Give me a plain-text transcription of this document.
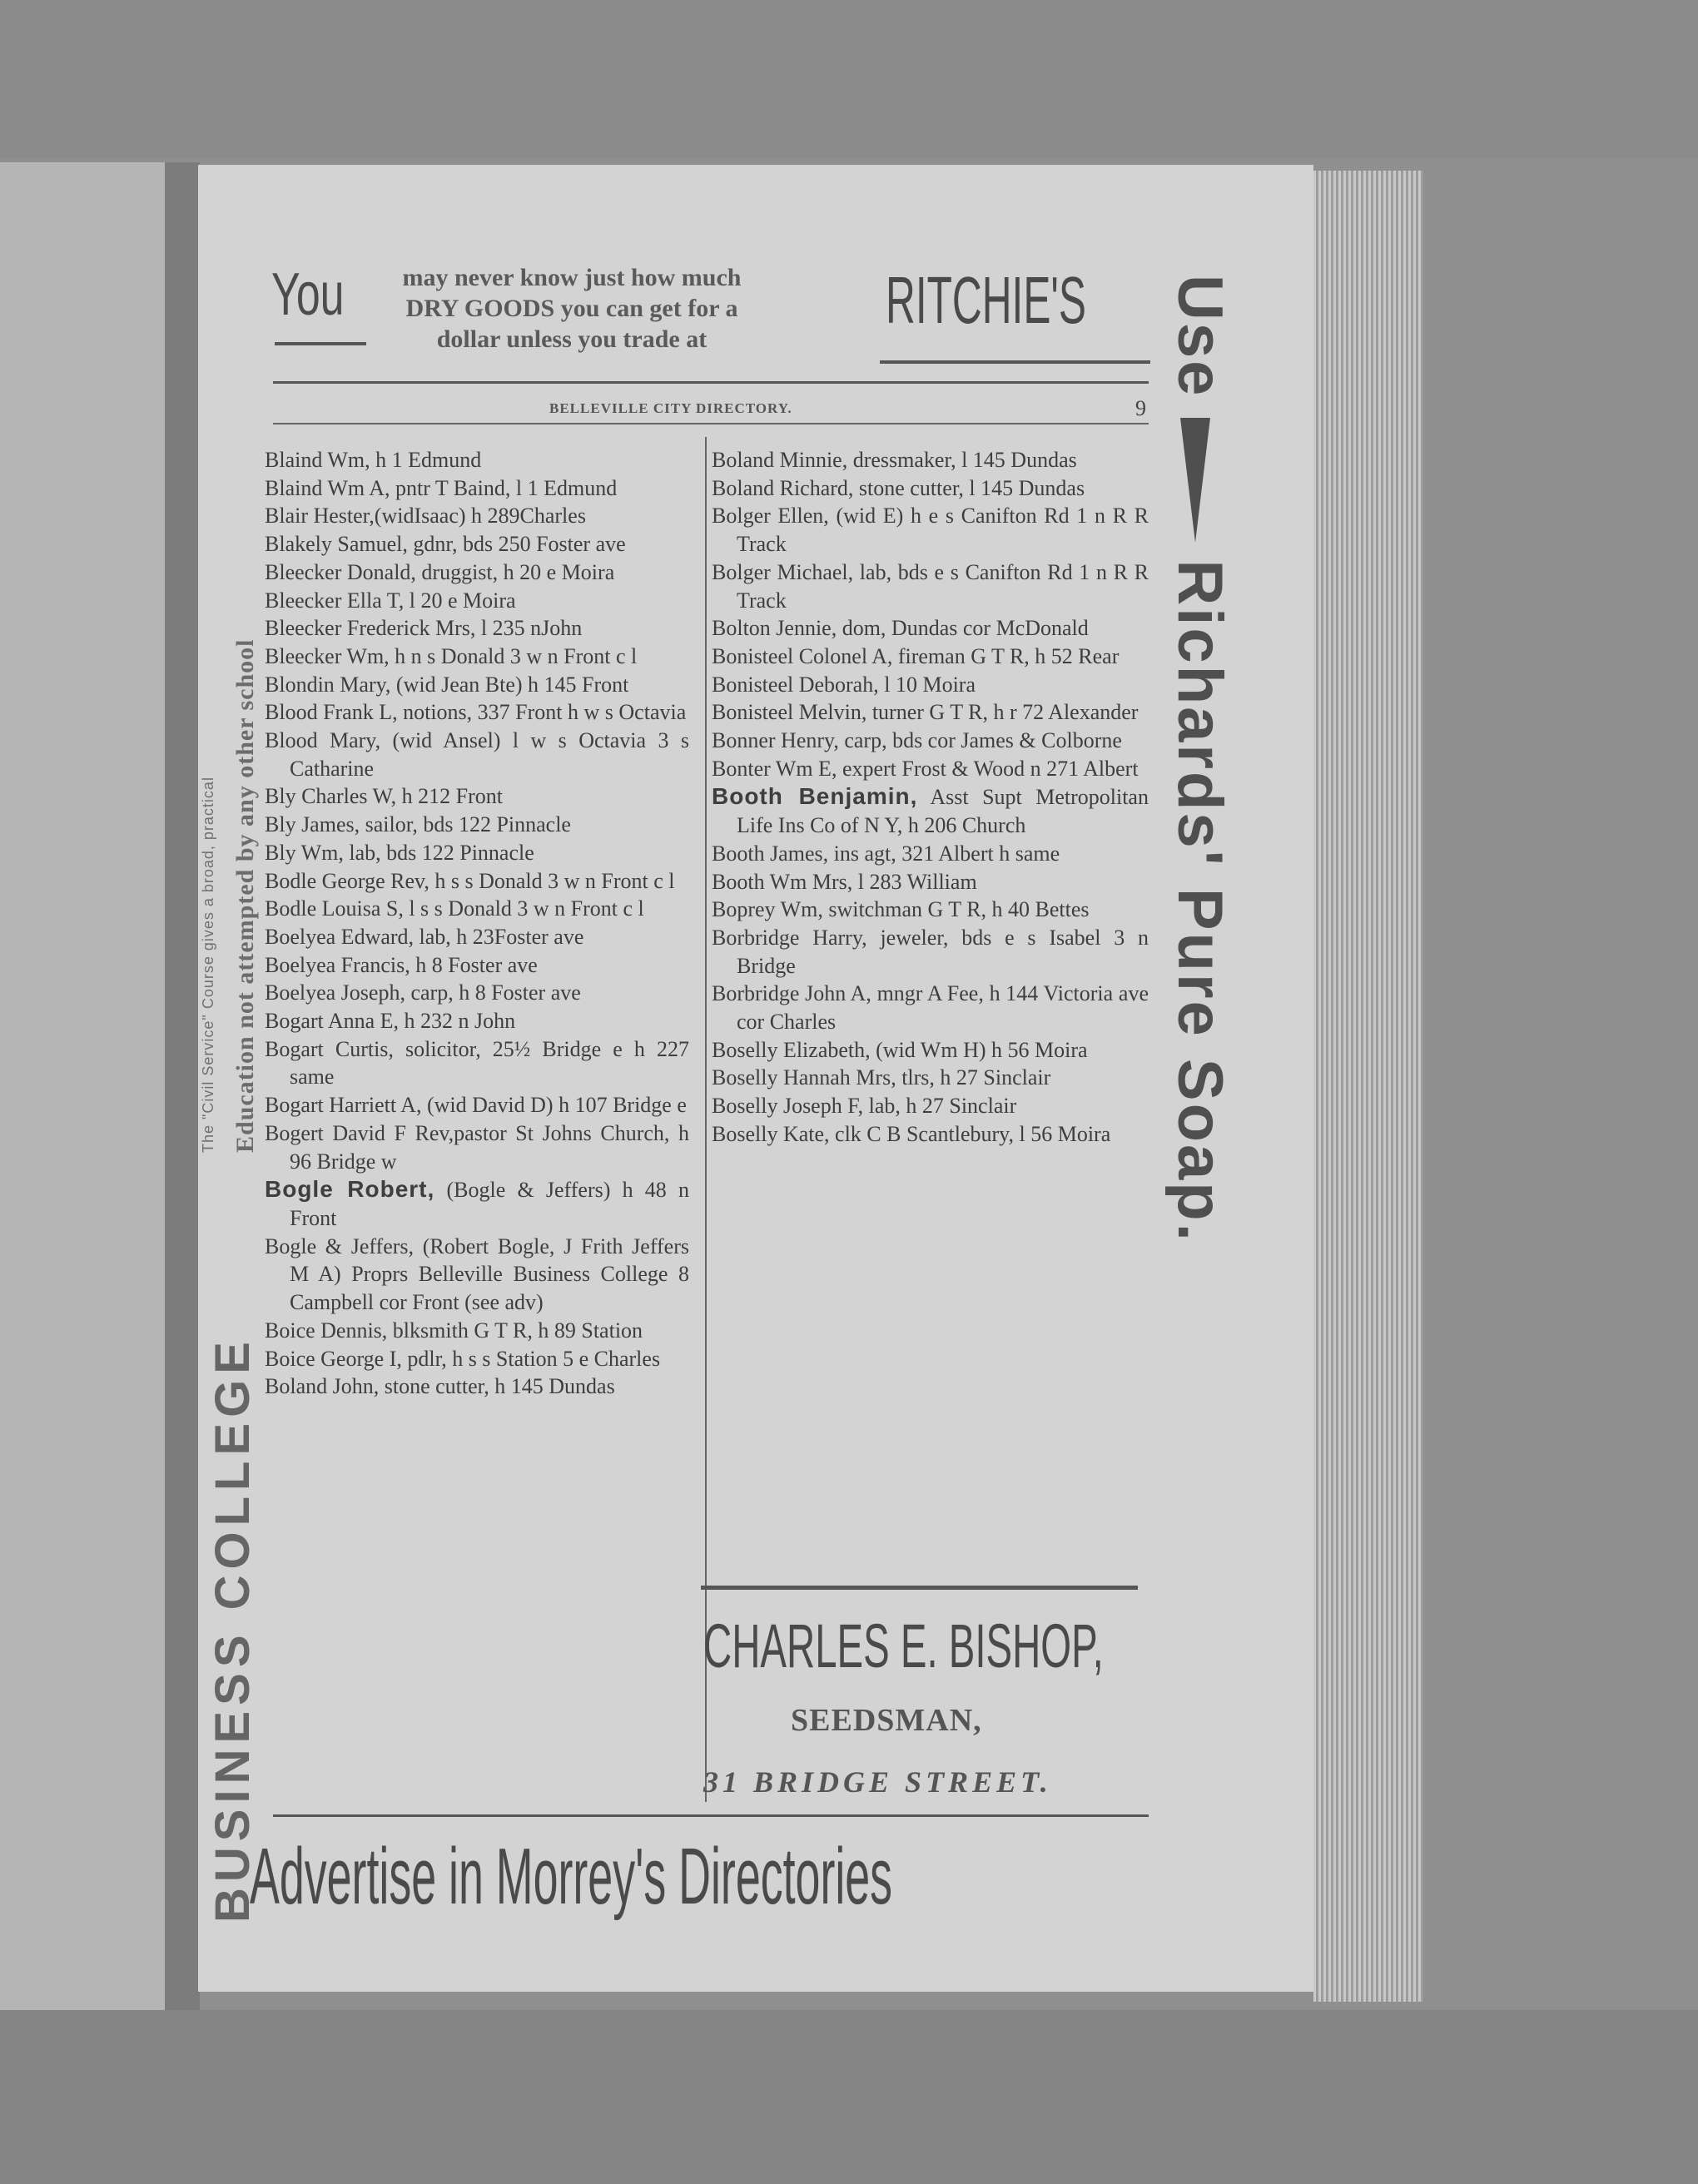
The "Civil Service" Course gives a broad, practical Education not attempted by any other school
BUSINESS COLLEGE
UseRichards' Pure Soap.
You	may never know just how much
DRY GOODS you can get for a
dollar unless you trade at
RITCHIE'S
BELLEVILLE CITY DIRECTORY.	9
Blaind Wm, h 1 Edmund
Blaind Wm A, pntr T Baind, l 1 Edmund
Blair Hester,(widIsaac) h 289Charles
Blakely Samuel, gdnr, bds 250 Foster ave
Bleecker Donald, druggist, h 20 e Moira
Bleecker Ella T, l 20 e Moira
Bleecker Frederick Mrs, l 235 nJohn
Bleecker Wm, h n s Donald 3 w n Front c l
Blondin Mary, (wid Jean Bte) h 145 Front
Blood Frank L, notions, 337 Front h w s Octavia
Blood Mary, (wid Ansel) l w s Octavia 3 s Catharine
Bly Charles W, h 212 Front
Bly James, sailor, bds 122 Pinnacle
Bly Wm, lab, bds 122 Pinnacle
Bodle George Rev, h s s Donald 3 w n Front c l
Bodle Louisa S, l s s Donald 3 w n Front c l
Boelyea Edward, lab, h 23Foster ave
Boelyea Francis, h 8 Foster ave
Boelyea Joseph, carp, h 8 Foster ave
Bogart Anna E, h 232 n John
Bogart Curtis, solicitor, 25½ Bridge e h 227 same
Bogart Harriett A, (wid David D) h 107 Bridge e
Bogert David F Rev,pastor St Johns Church, h 96 Bridge w
Bogle Robert, (Bogle & Jeffers) h 48 n Front
Bogle & Jeffers, (Robert Bogle, J Frith Jeffers M A) Proprs Belleville Business College 8 Campbell cor Front (see adv)
Boice Dennis, blksmith G T R, h 89 Station
Boice George I, pdlr, h s s Station 5 e Charles
Boland John, stone cutter, h 145 Dundas
Boland Minnie, dressmaker, l 145 Dundas
Boland Richard, stone cutter, l 145 Dundas
Bolger Ellen, (wid E) h e s Canifton Rd 1 n R R Track
Bolger Michael, lab, bds e s Canifton Rd 1 n R R Track
Bolton Jennie, dom, Dundas cor McDonald
Bonisteel Colonel A, fireman G T R, h 52 Rear
Bonisteel Deborah, l 10 Moira
Bonisteel Melvin, turner G T R, h r 72 Alexander
Bonner Henry, carp, bds cor James & Colborne
Bonter Wm E, expert Frost & Wood n 271 Albert
Booth Benjamin, Asst Supt Metropolitan Life Ins Co of N Y, h 206 Church
Booth James, ins agt, 321 Albert h same
Booth Wm Mrs, l 283 William
Boprey Wm, switchman G T R, h 40 Bettes
Borbridge Harry, jeweler, bds e s Isabel 3 n Bridge
Borbridge John A, mngr A Fee, h 144 Victoria ave cor Charles
Boselly Elizabeth, (wid Wm H) h 56 Moira
Boselly Hannah Mrs, tlrs, h 27 Sinclair
Boselly Joseph F, lab, h 27 Sinclair
Boselly Kate, clk C B Scantlebury, l 56 Moira
CHARLES E. BISHOP,
SEEDSMAN,
31 BRIDGE STREET.
Advertise in Morrey's Directories
